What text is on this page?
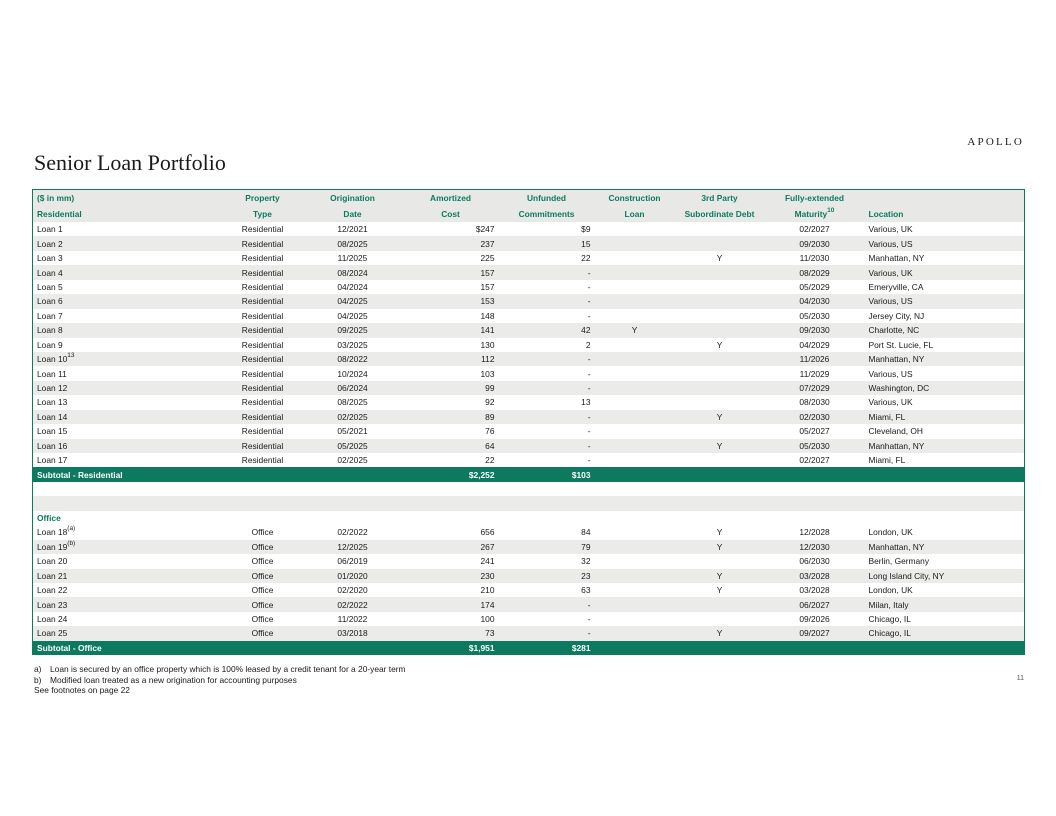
APOLLO
Senior Loan Portfolio
($ in mm)	Property	Origination	Amortized	Unfunded	Construction	3rd Party	Fully-extended	
Residential	Type	Date	Cost	Commitments	Loan	Subordinate Debt	Maturity$^{10}$	Location
Loan 1	Residential	12/2021	$247	$9			02/2027	Various, UK
Loan 2	Residential	08/2025	237	15			09/2030	Various, US
Loan 3	Residential	11/2025	225	22		Y	11/2030	Manhattan, NY
Loan 4	Residential	08/2024	157	-			08/2029	Various, UK
Loan 5	Residential	04/2024	157	-			05/2029	Emeryville, CA
Loan 6	Residential	04/2025	153	-			04/2030	Various, US
Loan 7	Residential	04/2025	148	-			05/2030	Jersey City, NJ
Loan 8	Residential	09/2025	141	42	Y		09/2030	Charlotte, NC
Loan 9	Residential	03/2025	130	2		Y	04/2029	Port St. Lucie, FL
Loan $10^{13}$	Residential	08/2022	112	-			11/2026	Manhattan, NY
Loan 11	Residential	10/2024	103	-			11/2029	Various, US
Loan 12	Residential	06/2024	99	-			07/2029	Washington, DC
Loan 13	Residential	08/2025	92	13			08/2030	Various, UK
Loan 14	Residential	02/2025	89	-		Y	02/2030	Miami, FL
Loan 15	Residential	05/2021	76	-			05/2027	Cleveland, OH
Loan 16	Residential	05/2025	64	-		Y	05/2030	Manhattan, NY
Loan 17	Residential	02/2025	22	-			02/2027	Miami, FL
Subtotal - Residential			$2,252	$103				

Office								
Loan 18$^{(a)}$	Office	02/2022	656	84		Y	12/2028	London, UK
Loan 19$^{(b)}$	Office	12/2025	267	79		Y	12/2030	Manhattan, NY
Loan 20	Office	06/2019	241	32			06/2030	Berlin, Germany
Loan 21	Office	01/2020	230	23		Y	03/2028	Long Island City, NY
Loan 22	Office	02/2020	210	63		Y	03/2028	London, UK
Loan 23	Office	02/2022	174	-			06/2027	Milan, Italy
Loan 24	Office	11/2022	100	-			09/2026	Chicago, IL
Loan 25	Office	03/2018	73	-		Y	09/2027	Chicago, IL
Subtotal - Office			$1,951	$281				
a) Loan is secured by an office property which is 100% leased by a credit tenant for a 20-year term
b) Modified loan treated as a new origination for accounting purposes
See footnotes on page 22
11
